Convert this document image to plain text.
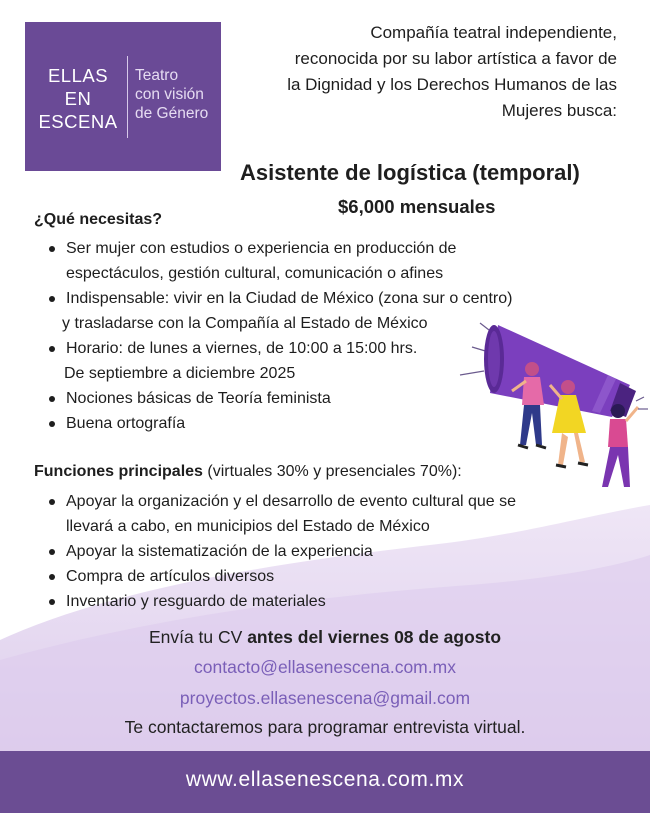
ELLAS
EN
ESCENA
Teatro
con visión
de Género
Compañía teatral independiente,
reconocida por su labor artística a favor de
la Dignidad y los Derechos Humanos de las
Mujeres busca:
Asistente de logística (temporal)
$6,000 mensuales
¿Qué necesitas?
Ser mujer con estudios o experiencia en producción de
espectáculos, gestión cultural, comunicación o afines
Indispensable: vivir en la Ciudad de México (zona sur o centro)
y trasladarse con la Compañía al Estado de México
Horario: de lunes a viernes, de 10:00 a 15:00 hrs.
De septiembre a diciembre 2025
Nociones básicas de Teoría feminista
Buena ortografía
Funciones principales (virtuales 30% y presenciales 70%):
Apoyar la organización y el desarrollo de evento cultural que se
llevará a cabo, en municipios del Estado de México
Apoyar la sistematización de la experiencia
Compra de artículos diversos
Inventario y resguardo de materiales
Envía tu CV antes del viernes 08 de agosto
contacto@ellasenescena.com.mx
proyectos.ellasenescena@gmail.com
Te contactaremos para programar entrevista virtual.
www.ellasenescena.com.mx
